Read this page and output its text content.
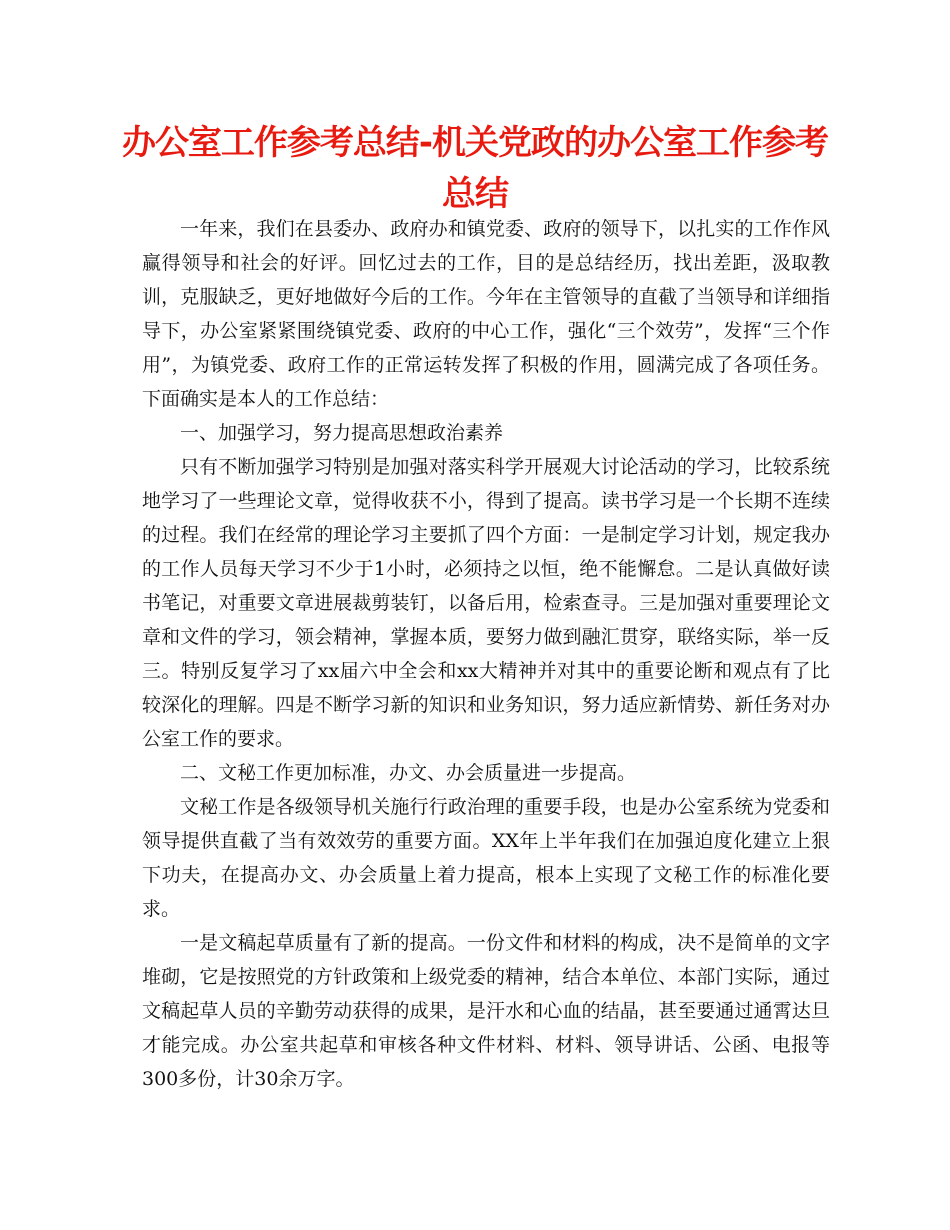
办公室工作参考总结-机关党政的办公室工作参考总结

一年来，我们在县委办、政府办和镇党委、政府的领导下，以扎实的工作作风赢得领导和社会的好评。回忆过去的工作，目的是总结经历，找出差距，汲取教训，克服缺乏，更好地做好今后的工作。今年在主管领导的直截了当领导和详细指导下，办公室紧紧围绕镇党委、政府的中心工作，强化“三个效劳”，发挥“三个作用”，为镇党委、政府工作的正常运转发挥了积极的作用，圆满完成了各项任务。下面确实是本人的工作总结：

一、加强学习，努力提高思想政治素养

只有不断加强学习特别是加强对落实科学开展观大讨论活动的学习，比较系统地学习了一些理论文章，觉得收获不小，得到了提高。读书学习是一个长期不连续的过程。我们在经常的理论学习主要抓了四个方面：一是制定学习计划，规定我办的工作人员每天学习不少于1小时，必须持之以恒，绝不能懈怠。二是认真做好读书笔记，对重要文章进展裁剪装钉，以备后用，检索查寻。三是加强对重要理论文章和文件的学习，领会精神，掌握本质，要努力做到融汇贯穿，联络实际，举一反三。特别反复学习了xx届六中全会和xx大精神并对其中的重要论断和观点有了比较深化的理解。四是不断学习新的知识和业务知识，努力适应新情势、新任务对办公室工作的要求。

二、文秘工作更加标准，办文、办会质量进一步提高。

文秘工作是各级领导机关施行行政治理的重要手段，也是办公室系统为党委和领导提供直截了当有效效劳的重要方面。XX年上半年我们在加强迫度化建立上狠下功夫，在提高办文、办会质量上着力提高，根本上实现了文秘工作的标准化要求。

一是文稿起草质量有了新的提高。一份文件和材料的构成，决不是简单的文字堆砌，它是按照党的方针政策和上级党委的精神，结合本单位、本部门实际，通过文稿起草人员的辛勤劳动获得的成果，是汗水和心血的结晶，甚至要通过通霄达旦才能完成。办公室共起草和审核各种文件材料、材料、领导讲话、公函、电报等300多份，计30余万字。
